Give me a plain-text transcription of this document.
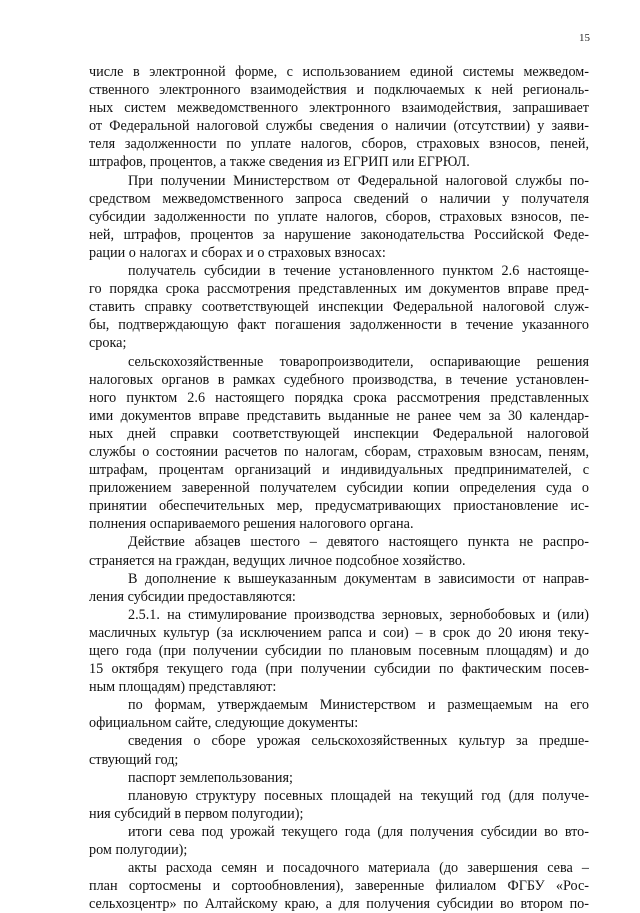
15
числе в электронной форме, с использованием единой системы межведом-
ственного электронного взаимодействия и подключаемых к ней региональ-
ных систем межведомственного электронного взаимодействия, запрашивает
от Федеральной налоговой службы сведения о наличии (отсутствии) у заяви-
теля задолженности по уплате налогов, сборов, страховых взносов, пеней,
штрафов, процентов, а также сведения из ЕГРИП или ЕГРЮЛ.
При получении Министерством от Федеральной налоговой службы по-
средством межведомственного запроса сведений о наличии у получателя
субсидии задолженности по уплате налогов, сборов, страховых взносов, пе-
ней, штрафов, процентов за нарушение законодательства Российской Феде-
рации о налогах и сборах и о страховых взносах:
получатель субсидии в течение установленного пунктом 2.6 настояще-
го порядка срока рассмотрения представленных им документов вправе пред-
ставить справку соответствующей инспекции Федеральной налоговой служ-
бы, подтверждающую факт погашения задолженности в течение указанного
срока;
сельскохозяйственные товаропроизводители, оспаривающие решения
налоговых органов в рамках судебного производства, в течение установлен-
ного пунктом 2.6 настоящего порядка срока рассмотрения представленных
ими документов вправе представить выданные не ранее чем за 30 календар-
ных дней справки соответствующей инспекции Федеральной налоговой
службы о состоянии расчетов по налогам, сборам, страховым взносам, пеням,
штрафам, процентам организаций и индивидуальных предпринимателей, с
приложением заверенной получателем субсидии копии определения суда о
принятии обеспечительных мер, предусматривающих приостановление ис-
полнения оспариваемого решения налогового органа.
Действие абзацев шестого – девятого настоящего пункта не распро-
страняется на граждан, ведущих личное подсобное хозяйство.
В дополнение к вышеуказанным документам в зависимости от направ-
ления субсидии предоставляются:
2.5.1. на стимулирование производства зерновых, зернобобовых и (или)
масличных культур (за исключением рапса и сои) – в срок до 20 июня теку-
щего года (при получении субсидии по плановым посевным площадям) и до
15 октября текущего года (при получении субсидии по фактическим посев-
ным площадям) представляют:
по формам, утверждаемым Министерством и размещаемым на его
официальном сайте, следующие документы:
сведения о сборе урожая сельскохозяйственных культур за предше-
ствующий год;
паспорт землепользования;
плановую структуру посевных площадей на текущий год (для получе-
ния субсидий в первом полугодии);
итоги сева под урожай текущего года (для получения субсидии во вто-
ром полугодии);
акты расхода семян и посадочного материала (до завершения сева –
план сортосмены и сортообновления), заверенные филиалом ФГБУ «Рос-
сельхозцентр» по Алтайскому краю, а для получения субсидии во втором по-
